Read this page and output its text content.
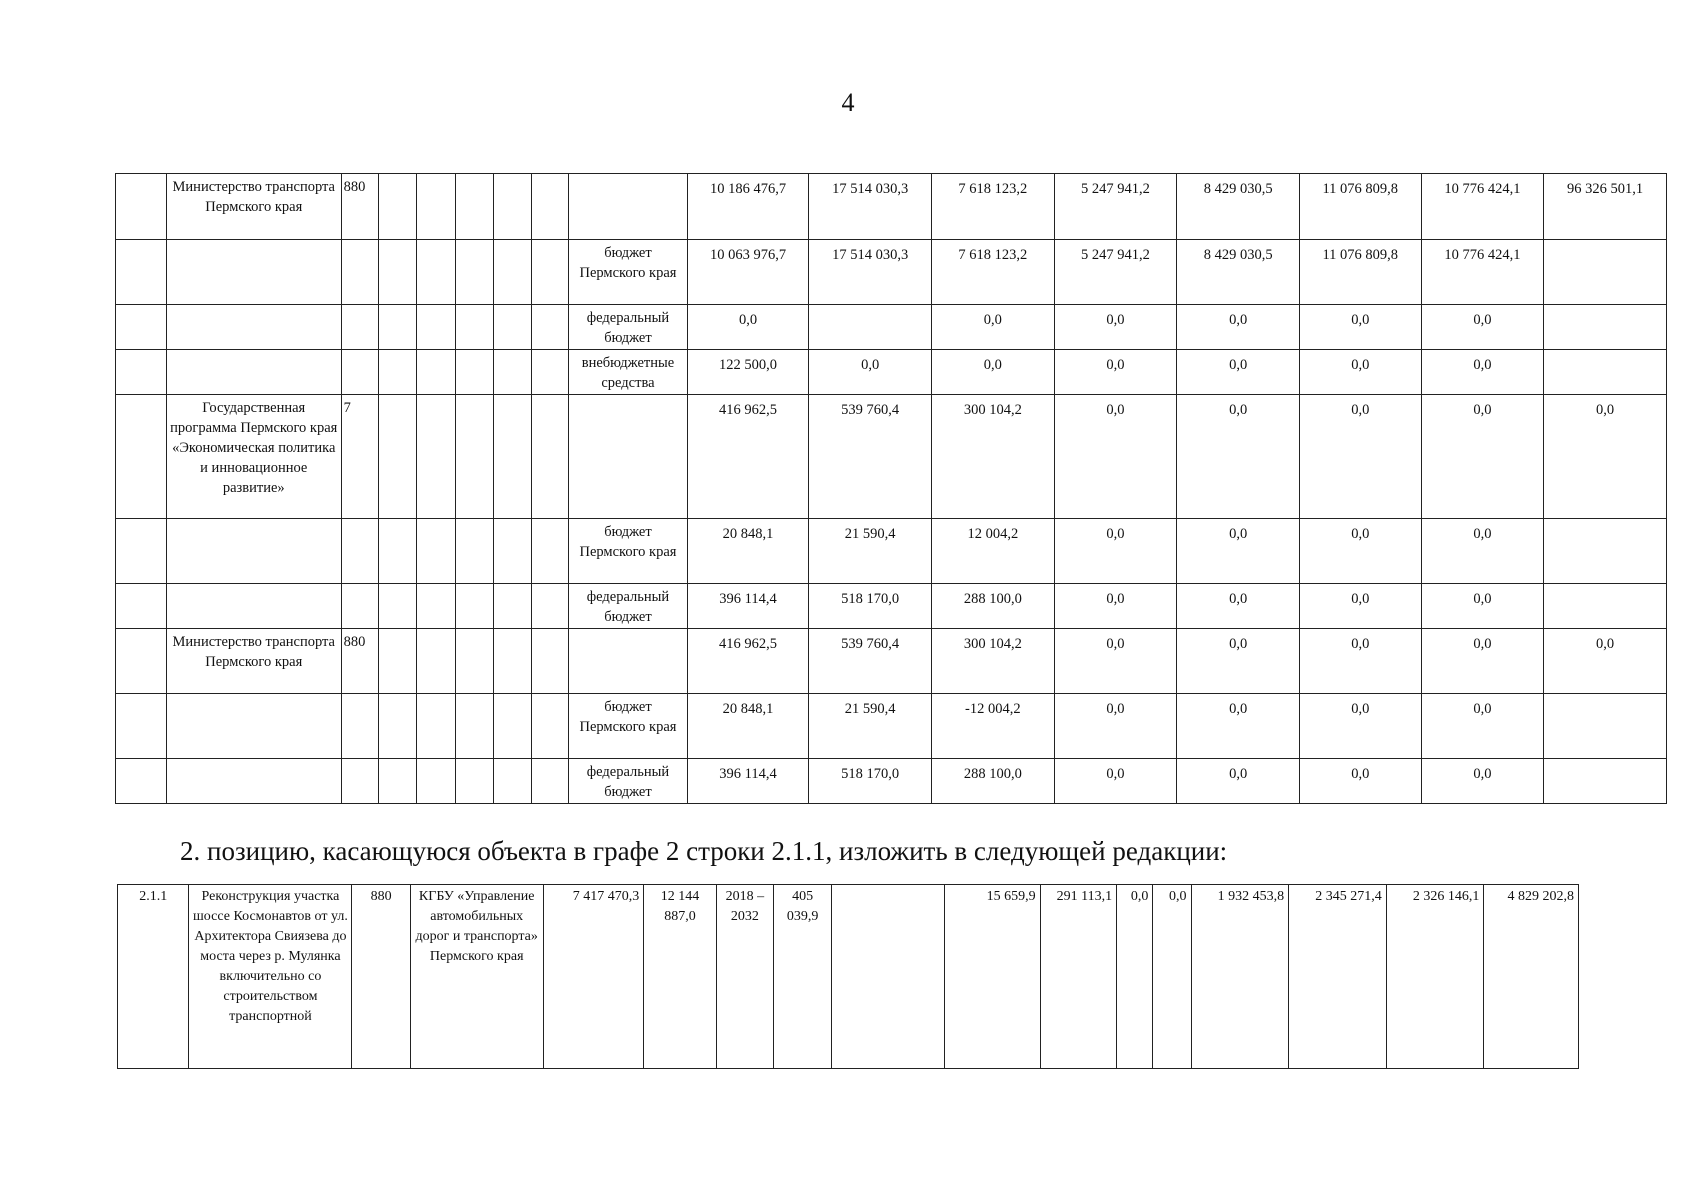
4
	Министерство транспорта Пермского края	880							10 186 476,7	17 514 030,3	7 618 123,2	5 247 941,2	8 429 030,5	11 076 809,8	10 776 424,1	96 326 501,1
								бюджет Пермского края	10 063 976,7	17 514 030,3	7 618 123,2	5 247 941,2	8 429 030,5	11 076 809,8	10 776 424,1	
								федеральный бюджет	0,0		0,0	0,0	0,0	0,0	0,0	
								внебюджетные средства	122 500,0	0,0	0,0	0,0	0,0	0,0	0,0	
	Государственная программа Пермского края «Экономическая политика и инновационное развитие»	7							416 962,5	539 760,4	300 104,2	0,0	0,0	0,0	0,0	0,0
								бюджет Пермского края	20 848,1	21 590,4	12 004,2	0,0	0,0	0,0	0,0	
								федеральный бюджет	396 114,4	518 170,0	288 100,0	0,0	0,0	0,0	0,0	
	Министерство транспорта Пермского края	880							416 962,5	539 760,4	300 104,2	0,0	0,0	0,0	0,0	0,0
								бюджет Пермского края	20 848,1	21 590,4	-12 004,2	0,0	0,0	0,0	0,0	
								федеральный бюджет	396 114,4	518 170,0	288 100,0	0,0	0,0	0,0	0,0	
2. позицию, касающуюся объекта в графе 2 строки 2.1.1, изложить в следующей редакции:
2.1.1	Реконструкция участка шоссе Космонавтов от ул. Архитектора Свиязева до моста через р. Мулянка включительно со строительством транспортной	880	КГБУ «Управление автомобильных дорог и транспорта» Пермского края	7 417 470,3	12 144 887,0	2018 – 2032	405 039,9		15 659,9	291 113,1	0,0	0,0	1 932 453,8	2 345 271,4	2 326 146,1	4 829 202,8
